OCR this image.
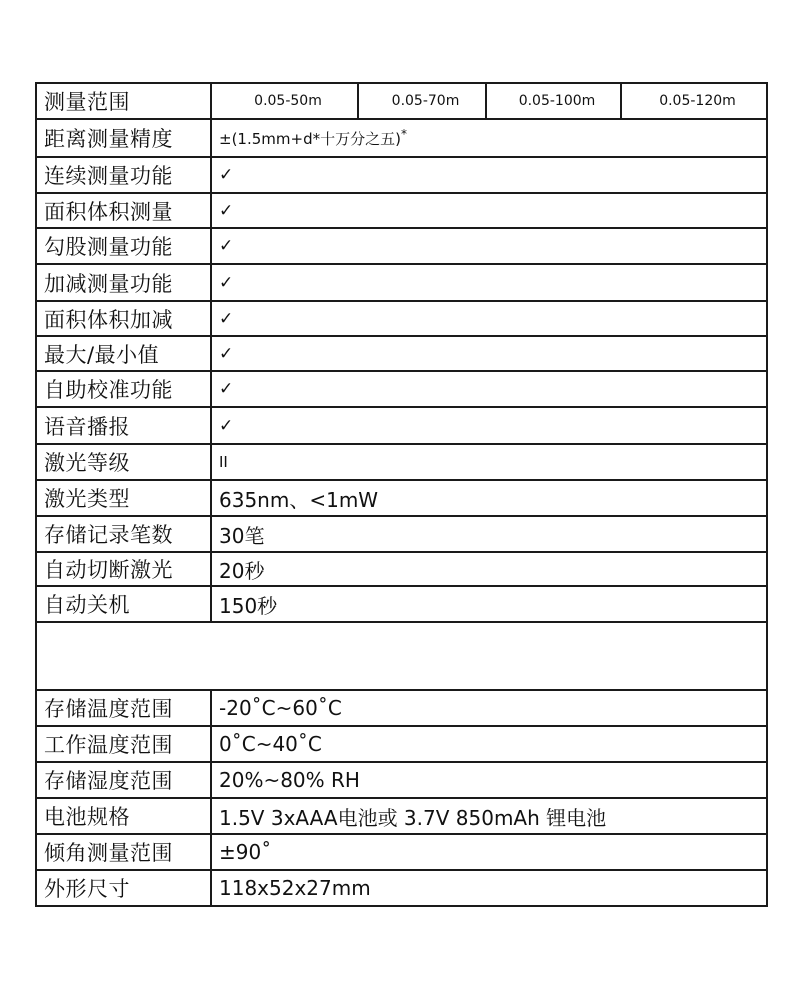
测量范围	0.05-50m	0.05-70m	0.05-100m	0.05-120m
距离测量精度	±(1.5mm+d*十万分之五)*
连续测量功能	✓			
面积体积测量	✓			
勾股测量功能	✓			
加减测量功能	✓			
面积体积加减	✓			
最大/最小值	✓			
自助校准功能	✓			
语音播报	✓			
激光等级	II			
激光类型	635nm、<1mW			
存储记录笔数	30笔			
自动切断激光	20秒			
自动关机	150秒			

存储温度范围	-20˚C~60˚C			
工作温度范围	0˚C~40˚C			
存储湿度范围	20%~80% RH			
电池规格	1.5V 3xAAA电池或 3.7V 850mAh 锂电池			
倾角测量范围	±90˚			
外形尺寸	118x52x27mm			
